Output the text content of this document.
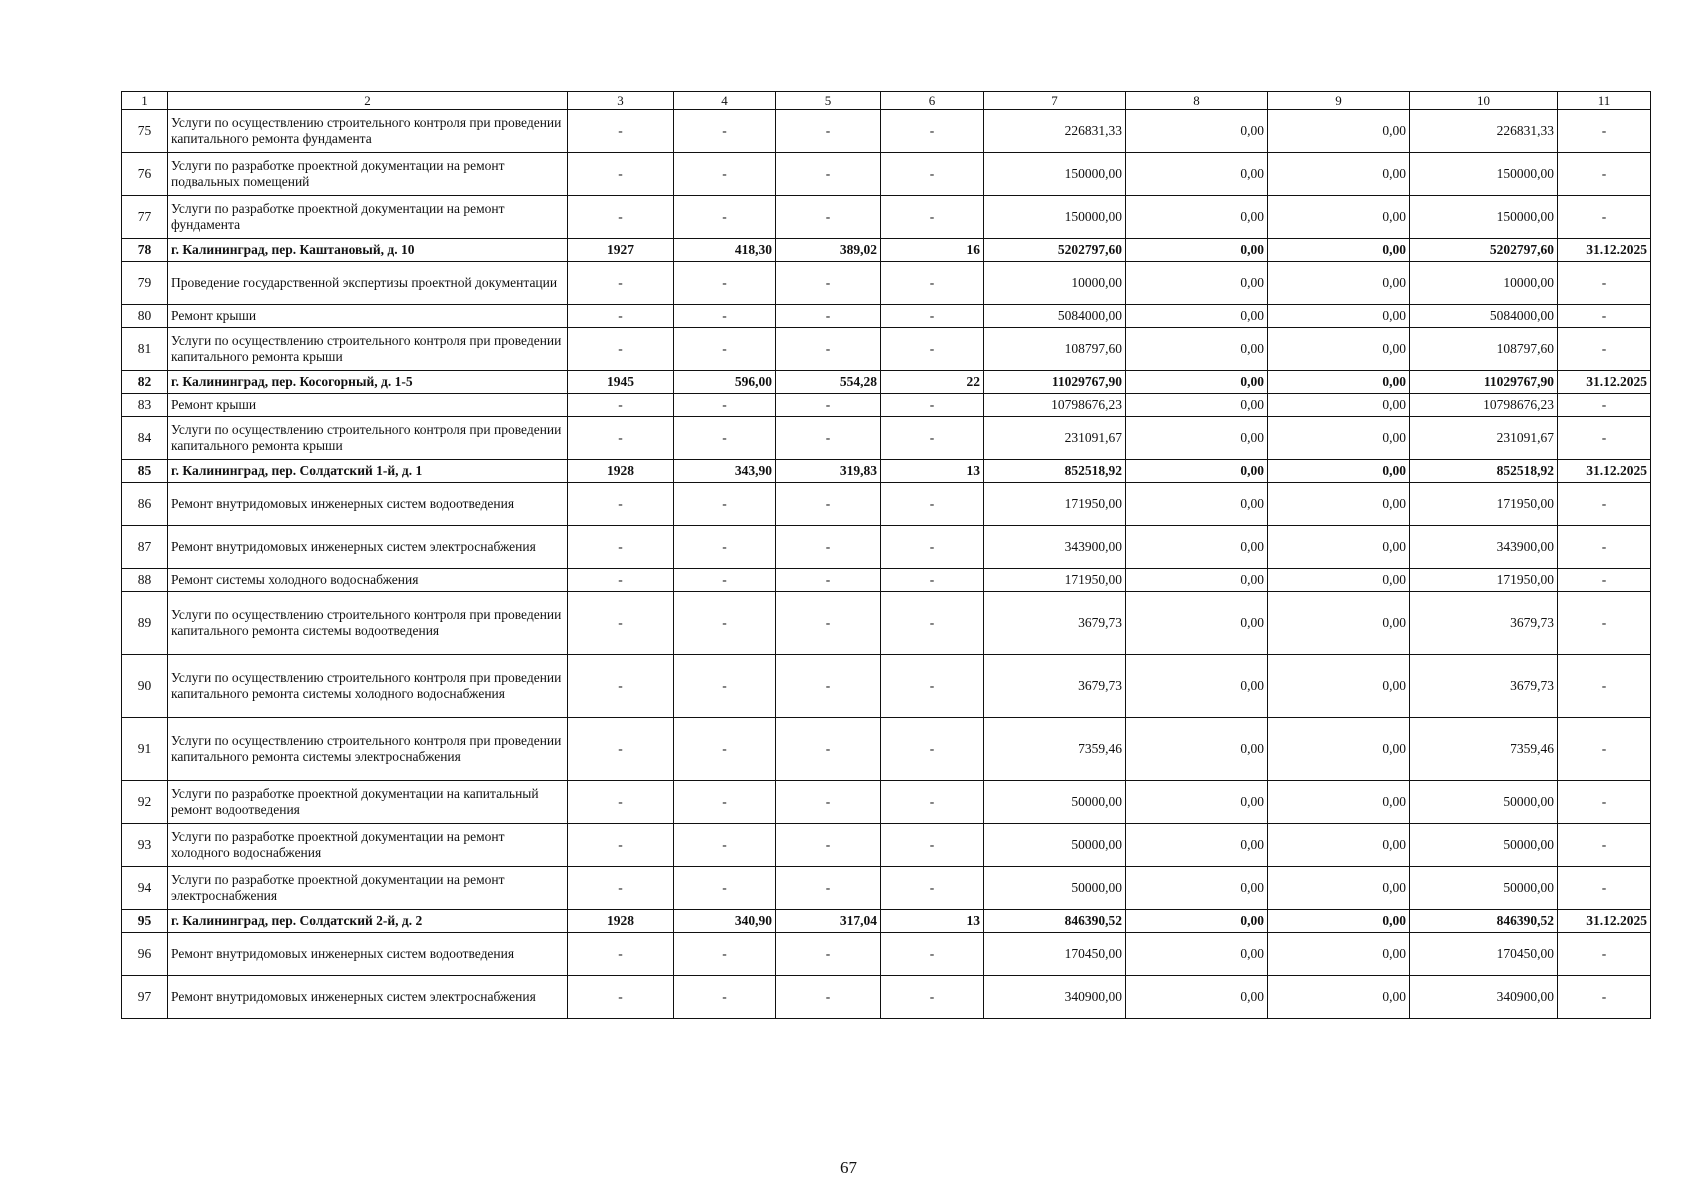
1	2	3	4	5	6	7	8	9	10	11
75	Услуги по осуществлению строительного контроля при проведении капитального ремонта фундамента	-	-	-	-	226831,33	0,00	0,00	226831,33	-
76	Услуги по разработке проектной документации на ремонт подвальных помещений	-	-	-	-	150000,00	0,00	0,00	150000,00	-
77	Услуги по разработке проектной документации на ремонт фундамента	-	-	-	-	150000,00	0,00	0,00	150000,00	-
78	г. Калининград, пер. Каштановый, д. 10	1927	418,30	389,02	16	5202797,60	0,00	0,00	5202797,60	31.12.2025
79	Проведение государственной экспертизы проектной документации	-	-	-	-	10000,00	0,00	0,00	10000,00	-
80	Ремонт крыши	-	-	-	-	5084000,00	0,00	0,00	5084000,00	-
81	Услуги по осуществлению строительного контроля при проведении капитального ремонта крыши	-	-	-	-	108797,60	0,00	0,00	108797,60	-
82	г. Калининград, пер. Косогорный, д. 1-5	1945	596,00	554,28	22	11029767,90	0,00	0,00	11029767,90	31.12.2025
83	Ремонт крыши	-	-	-	-	10798676,23	0,00	0,00	10798676,23	-
84	Услуги по осуществлению строительного контроля при проведении капитального ремонта крыши	-	-	-	-	231091,67	0,00	0,00	231091,67	-
85	г. Калининград, пер. Солдатский 1-й, д. 1	1928	343,90	319,83	13	852518,92	0,00	0,00	852518,92	31.12.2025
86	Ремонт внутридомовых инженерных систем водоотведения	-	-	-	-	171950,00	0,00	0,00	171950,00	-
87	Ремонт внутридомовых инженерных систем электроснабжения	-	-	-	-	343900,00	0,00	0,00	343900,00	-
88	Ремонт системы холодного водоснабжения	-	-	-	-	171950,00	0,00	0,00	171950,00	-
89	Услуги по осуществлению строительного контроля при проведении капитального ремонта системы водоотведения	-	-	-	-	3679,73	0,00	0,00	3679,73	-
90	Услуги по осуществлению строительного контроля при проведении капитального ремонта системы холодного водоснабжения	-	-	-	-	3679,73	0,00	0,00	3679,73	-
91	Услуги по осуществлению строительного контроля при проведении капитального ремонта системы электроснабжения	-	-	-	-	7359,46	0,00	0,00	7359,46	-
92	Услуги по разработке проектной документации на капитальный ремонт водоотведения	-	-	-	-	50000,00	0,00	0,00	50000,00	-
93	Услуги по разработке проектной документации на ремонт холодного водоснабжения	-	-	-	-	50000,00	0,00	0,00	50000,00	-
94	Услуги по разработке проектной документации на ремонт электроснабжения	-	-	-	-	50000,00	0,00	0,00	50000,00	-
95	г. Калининград, пер. Солдатский 2-й, д. 2	1928	340,90	317,04	13	846390,52	0,00	0,00	846390,52	31.12.2025
96	Ремонт внутридомовых инженерных систем водоотведения	-	-	-	-	170450,00	0,00	0,00	170450,00	-
97	Ремонт внутридомовых инженерных систем электроснабжения	-	-	-	-	340900,00	0,00	0,00	340900,00	-
67
